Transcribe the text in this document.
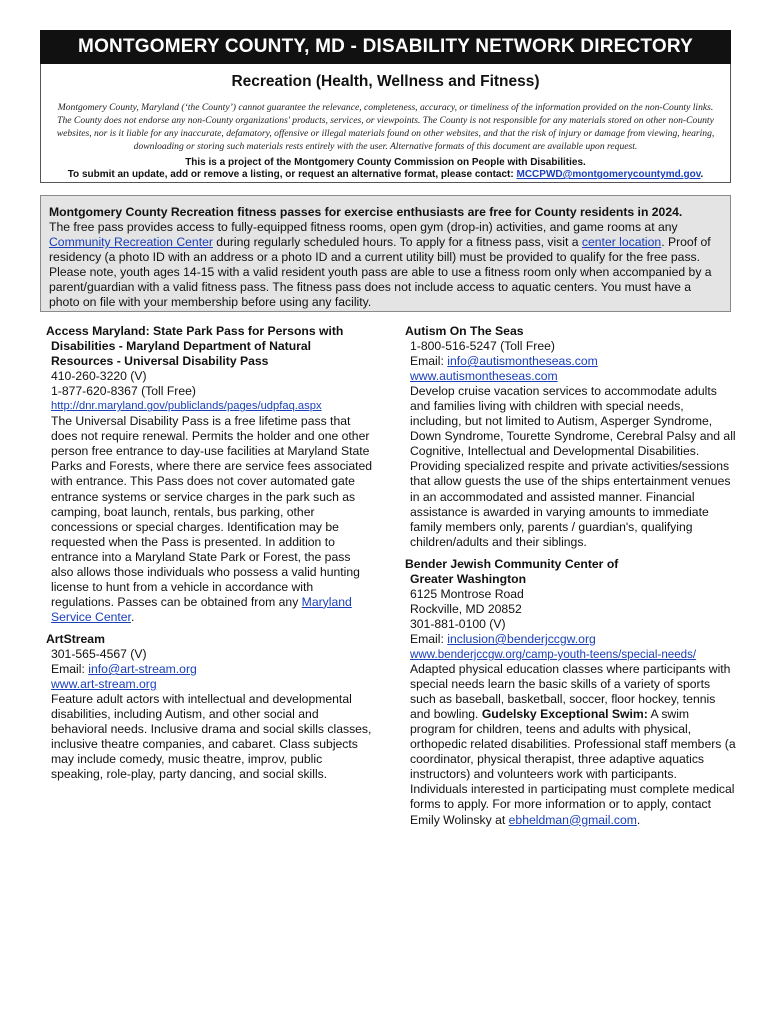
MONTGOMERY COUNTY, MD - DISABILITY NETWORK DIRECTORY
Recreation (Health, Wellness and Fitness)
Montgomery County, Maryland (‘the County’) cannot guarantee the relevance, completeness, accuracy, or timeliness of the information provided on the non-County links. The County does not endorse any non-County organizations' products, services, or viewpoints. The County is not responsible for any materials stored on other non-County websites, nor is it liable for any inaccurate, defamatory, offensive or illegal materials found on other websites, and that the risk of injury or damage from viewing, hearing, downloading or storing such materials rests entirely with the user. Alternative formats of this document are available upon request.
This is a project of the Montgomery County Commission on People with Disabilities.
To submit an update, add or remove a listing, or request an alternative format, please contact: MCCPWD@montgomerycountymd.gov.
Montgomery County Recreation fitness passes for exercise enthusiasts are free for County residents in 2024.
The free pass provides access to fully-equipped fitness rooms, open gym (drop-in) activities, and game rooms at any Community Recreation Center during regularly scheduled hours. To apply for a fitness pass, visit a center location. Proof of residency (a photo ID with an address or a photo ID and a current utility bill) must be provided to qualify for the free pass. Please note, youth ages 14-15 with a valid resident youth pass are able to use a fitness room only when accompanied by a parent/guardian with a valid fitness pass. The fitness pass does not include access to aquatic centers. You must have a photo on file with your membership before using any facility.
Access Maryland: State Park Pass for Persons with
Disabilities - Maryland Department of Natural
Resources - Universal Disability Pass
410-260-3220 (V)
1-877-620-8367 (Toll Free)
http://dnr.maryland.gov/publiclands/pages/udpfaq.aspx
The Universal Disability Pass is a free lifetime pass that does not require renewal. Permits the holder and one other person free entrance to day-use facilities at Maryland State Parks and Forests, where there are service fees associated with entrance. This Pass does not cover automated gate entrance systems or service charges in the park such as camping, boat launch, rentals, bus parking, other concessions or special charges. Identification may be requested when the Pass is presented. In addition to entrance into a Maryland State Park or Forest, the pass also allows those individuals who possess a valid hunting license to hunt from a vehicle in accordance with regulations. Passes can be obtained from any Maryland Service Center.
ArtStream
301-565-4567 (V)
Email: info@art-stream.org
www.art-stream.org
Feature adult actors with intellectual and developmental disabilities, including Autism, and other social and behavioral needs. Inclusive drama and social skills classes, inclusive theatre companies, and cabaret. Class subjects may include comedy, music theatre, improv, public speaking, role-play, party dancing, and social skills.
Autism On The Seas
1-800-516-5247 (Toll Free)
Email: info@autismontheseas.com
www.autismontheseas.com
Develop cruise vacation services to accommodate adults and families living with children with special needs, including, but not limited to Autism, Asperger Syndrome, Down Syndrome, Tourette Syndrome, Cerebral Palsy and all Cognitive, Intellectual and Developmental Disabilities. Providing specialized respite and private activities/sessions that allow guests the use of the ships entertainment venues in an accommodated and assisted manner. Financial assistance is awarded in varying amounts to immediate family members only, parents / guardian's, qualifying children/adults and their siblings.
Bender Jewish Community Center of
Greater Washington
6125 Montrose Road
Rockville, MD 20852
301-881-0100 (V)
Email: inclusion@benderjccgw.org
www.benderjccgw.org/camp-youth-teens/special-needs/
Adapted physical education classes where participants with special needs learn the basic skills of a variety of sports such as baseball, basketball, soccer, floor hockey, tennis and bowling. Gudelsky Exceptional Swim: A swim program for children, teens and adults with physical, orthopedic related disabilities. Professional staff members (a coordinator, physical therapist, three adaptive aquatics instructors) and volunteers work with participants. Individuals interested in participating must complete medical forms to apply. For more information or to apply, contact Emily Wolinsky at ebheldman@gmail.com.
